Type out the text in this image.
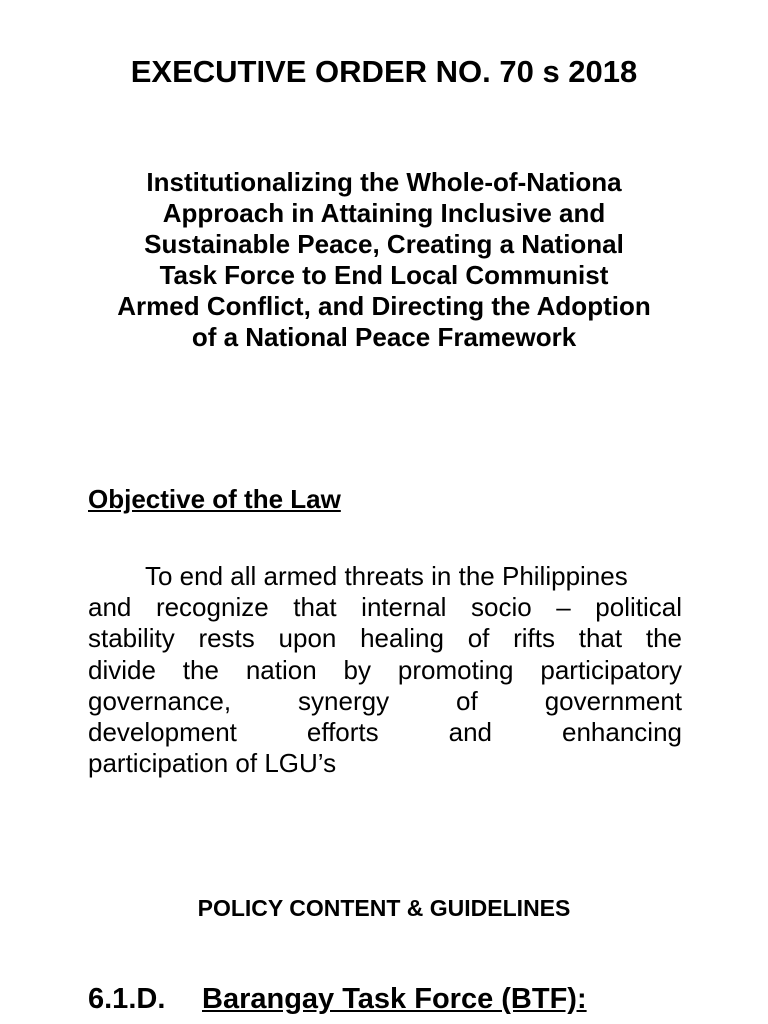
EXECUTIVE ORDER NO. 70 s 2018
Institutionalizing the Whole-of-Nationa
Approach in Attaining Inclusive and
Sustainable Peace, Creating a National
Task Force to End Local Communist
Armed Conflict, and Directing the Adoption
of a National Peace Framework
Objective of the Law

To end all armed threats in the Philippines
and recognize that internal socio – political
stability rests upon healing of rifts that the
divide the nation by promoting participatory
governance, synergy of government
development efforts and enhancing
participation of LGU’s

POLICY CONTENT & GUIDELINES
6.1.D. Barangay Task Force (BTF):
